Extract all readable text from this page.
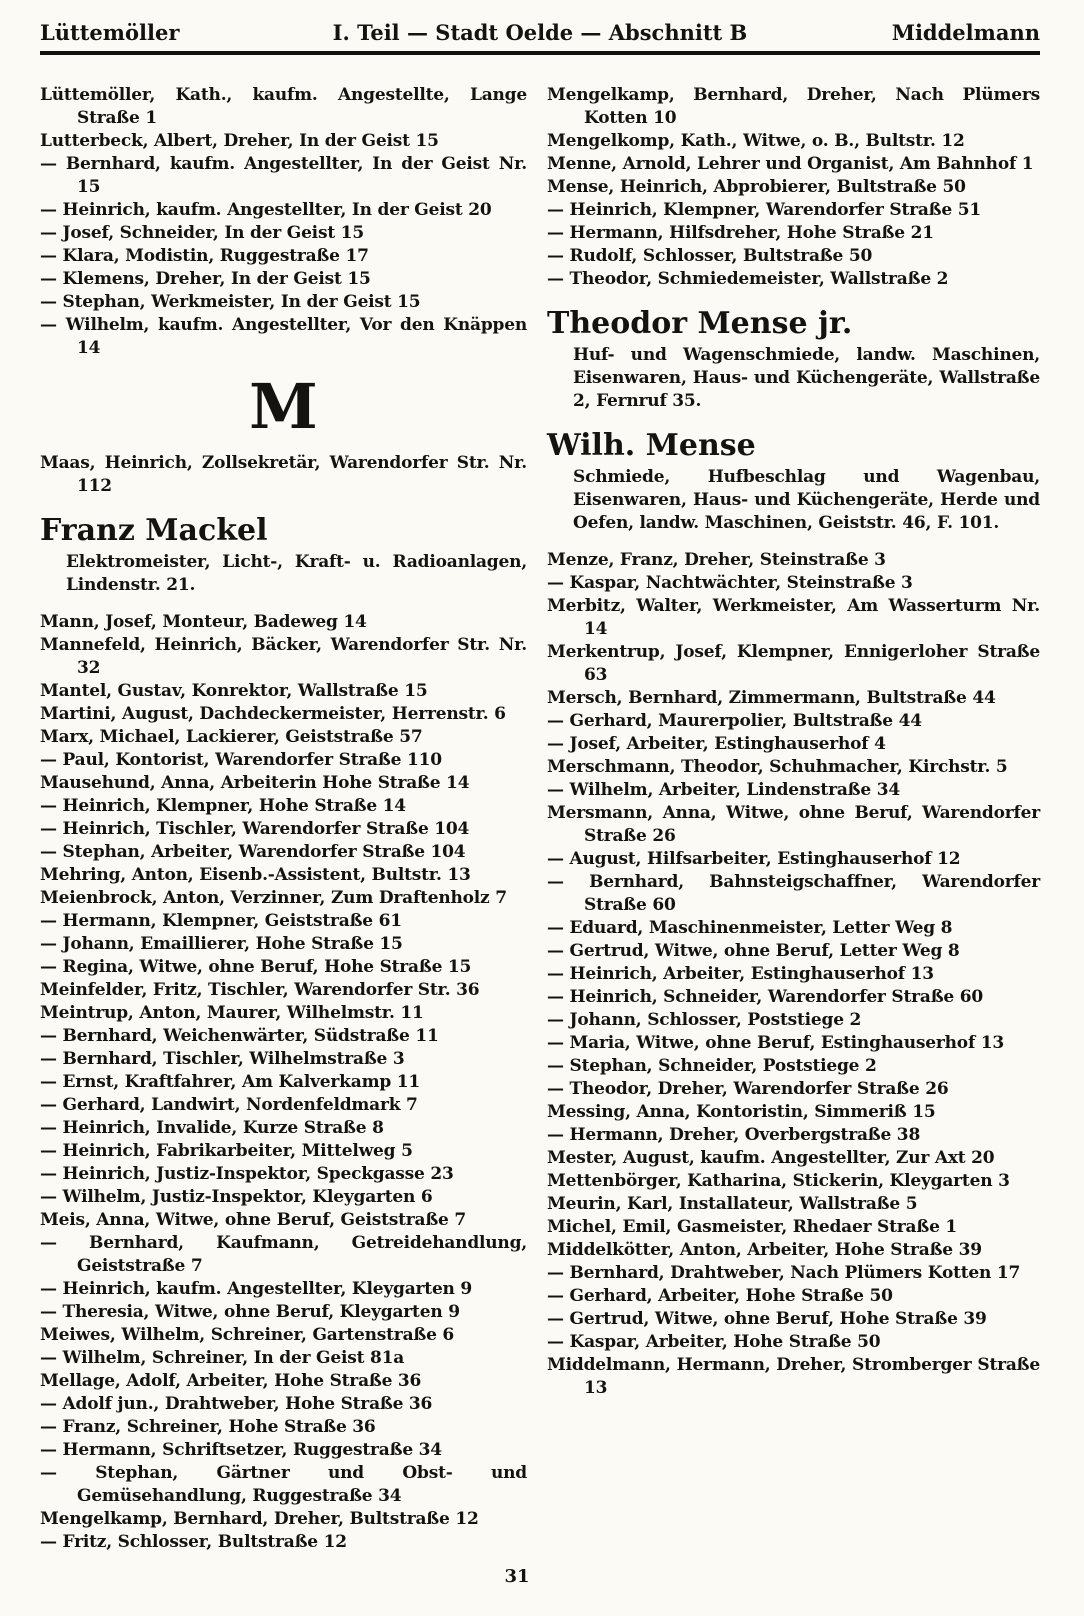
Lüttemöller	I. Teil — Stadt Oelde — Abschnitt B	Middelmann
Lüttemöller, Kath., kaufm. Angestellte, Lange Straße 1
Lutterbeck, Albert, Dreher, In der Geist 15
— Bernhard, kaufm. Angestellter, In der Geist Nr. 15
— Heinrich, kaufm. Angestellter, In der Geist 20
— Josef, Schneider, In der Geist 15
— Klara, Modistin, Ruggestraße 17
— Klemens, Dreher, In der Geist 15
— Stephan, Werkmeister, In der Geist 15
— Wilhelm, kaufm. Angestellter, Vor den Knäppen 14
M
Maas, Heinrich, Zollsekretär, Warendorfer Str. Nr. 112
Franz Mackel
Elektromeister, Licht-, Kraft- u. Radioanlagen, Lindenstr. 21.
Mann, Josef, Monteur, Badeweg 14
Mannefeld, Heinrich, Bäcker, Warendorfer Str. Nr. 32
Mantel, Gustav, Konrektor, Wallstraße 15
Martini, August, Dachdeckermeister, Herrenstr. 6
Marx, Michael, Lackierer, Geiststraße 57
— Paul, Kontorist, Warendorfer Straße 110
Mausehund, Anna, Arbeiterin Hohe Straße 14
— Heinrich, Klempner, Hohe Straße 14
— Heinrich, Tischler, Warendorfer Straße 104
— Stephan, Arbeiter, Warendorfer Straße 104
Mehring, Anton, Eisenb.-Assistent, Bultstr. 13
Meienbrock, Anton, Verzinner, Zum Draftenholz 7
— Hermann, Klempner, Geiststraße 61
— Johann, Emaillierer, Hohe Straße 15
— Regina, Witwe, ohne Beruf, Hohe Straße 15
Meinfelder, Fritz, Tischler, Warendorfer Str. 36
Meintrup, Anton, Maurer, Wilhelmstr. 11
— Bernhard, Weichenwärter, Südstraße 11
— Bernhard, Tischler, Wilhelmstraße 3
— Ernst, Kraftfahrer, Am Kalverkamp 11
— Gerhard, Landwirt, Nordenfeldmark 7
— Heinrich, Invalide, Kurze Straße 8
— Heinrich, Fabrikarbeiter, Mittelweg 5
— Heinrich, Justiz-Inspektor, Speckgasse 23
— Wilhelm, Justiz-Inspektor, Kleygarten 6
Meis, Anna, Witwe, ohne Beruf, Geiststraße 7
— Bernhard, Kaufmann, Getreidehandlung, Geiststraße 7
— Heinrich, kaufm. Angestellter, Kleygarten 9
— Theresia, Witwe, ohne Beruf, Kleygarten 9
Meiwes, Wilhelm, Schreiner, Gartenstraße 6
— Wilhelm, Schreiner, In der Geist 81a
Mellage, Adolf, Arbeiter, Hohe Straße 36
— Adolf jun., Drahtweber, Hohe Straße 36
— Franz, Schreiner, Hohe Straße 36
— Hermann, Schriftsetzer, Ruggestraße 34
— Stephan, Gärtner und Obst- und Gemüsehandlung, Ruggestraße 34
Mengelkamp, Bernhard, Dreher, Bultstraße 12
— Fritz, Schlosser, Bultstraße 12
Mengelkamp, Bernhard, Dreher, Nach Plümers Kotten 10
Mengelkomp, Kath., Witwe, o. B., Bultstr. 12
Menne, Arnold, Lehrer und Organist, Am Bahnhof 1
Mense, Heinrich, Abprobierer, Bultstraße 50
— Heinrich, Klempner, Warendorfer Straße 51
— Hermann, Hilfsdreher, Hohe Straße 21
— Rudolf, Schlosser, Bultstraße 50
— Theodor, Schmiedemeister, Wallstraße 2
Theodor Mense jr.
Huf- und Wagenschmiede, landw. Maschinen, Eisenwaren, Haus- und Küchengeräte, Wallstraße 2, Fernruf 35.
Wilh. Mense
Schmiede, Hufbeschlag und Wagenbau, Eisenwaren, Haus- und Küchengeräte, Herde und Oefen, landw. Maschinen, Geiststr. 46, F. 101.
Menze, Franz, Dreher, Steinstraße 3
— Kaspar, Nachtwächter, Steinstraße 3
Merbitz, Walter, Werkmeister, Am Wasserturm Nr. 14
Merkentrup, Josef, Klempner, Ennigerloher Straße 63
Mersch, Bernhard, Zimmermann, Bultstraße 44
— Gerhard, Maurerpolier, Bultstraße 44
— Josef, Arbeiter, Estinghauserhof 4
Merschmann, Theodor, Schuhmacher, Kirchstr. 5
— Wilhelm, Arbeiter, Lindenstraße 34
Mersmann, Anna, Witwe, ohne Beruf, Warendorfer Straße 26
— August, Hilfsarbeiter, Estinghauserhof 12
— Bernhard, Bahnsteigschaffner, Warendorfer Straße 60
— Eduard, Maschinenmeister, Letter Weg 8
— Gertrud, Witwe, ohne Beruf, Letter Weg 8
— Heinrich, Arbeiter, Estinghauserhof 13
— Heinrich, Schneider, Warendorfer Straße 60
— Johann, Schlosser, Poststiege 2
— Maria, Witwe, ohne Beruf, Estinghauserhof 13
— Stephan, Schneider, Poststiege 2
— Theodor, Dreher, Warendorfer Straße 26
Messing, Anna, Kontoristin, Simmeriß 15
— Hermann, Dreher, Overbergstraße 38
Mester, August, kaufm. Angestellter, Zur Axt 20
Mettenbörger, Katharina, Stickerin, Kleygarten 3
Meurin, Karl, Installateur, Wallstraße 5
Michel, Emil, Gasmeister, Rhedaer Straße 1
Middelkötter, Anton, Arbeiter, Hohe Straße 39
— Bernhard, Drahtweber, Nach Plümers Kotten 17
— Gerhard, Arbeiter, Hohe Straße 50
— Gertrud, Witwe, ohne Beruf, Hohe Straße 39
— Kaspar, Arbeiter, Hohe Straße 50
Middelmann, Hermann, Dreher, Stromberger Straße 13
31
